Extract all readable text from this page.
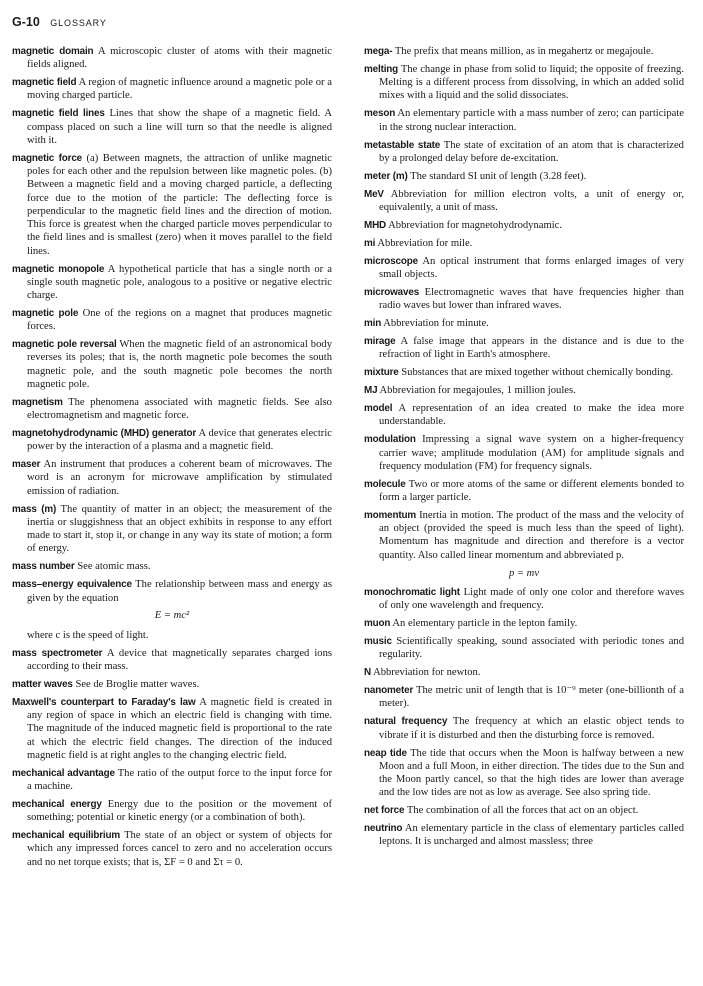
G-10 GLOSSARY

magnetic domain A microscopic cluster of atoms with their magnetic fields aligned.

magnetic field A region of magnetic influence around a magnetic pole or a moving charged particle.

magnetic field lines Lines that show the shape of a magnetic field. A compass placed on such a line will turn so that the needle is aligned with it.

magnetic force (a) Between magnets, the attraction of unlike magnetic poles for each other and the repulsion between like magnetic poles. (b) Between a magnetic field and a moving charged particle, a deflecting force due to the motion of the particle: The deflecting force is perpendicular to the magnetic field lines and the direction of motion. This force is greatest when the charged particle moves perpendicular to the field lines and is smallest (zero) when it moves parallel to the field lines.

magnetic monopole A hypothetical particle that has a single north or a single south magnetic pole, analogous to a positive or negative electric charge.

magnetic pole One of the regions on a magnet that produces magnetic forces.

magnetic pole reversal When the magnetic field of an astronomical body reverses its poles; that is, the north magnetic pole becomes the south magnetic pole, and the south magnetic pole becomes the north magnetic pole.

magnetism The phenomena associated with magnetic fields. See also electromagnetism and magnetic force.

magnetohydrodynamic (MHD) generator A device that generates electric power by the interaction of a plasma and a magnetic field.

maser An instrument that produces a coherent beam of microwaves. The word is an acronym for microwave amplification by stimulated emission of radiation.

mass (m) The quantity of matter in an object; the measurement of the inertia or sluggishness that an object exhibits in response to any effort made to start it, stop it, or change in any way its state of motion; a form of energy.

mass number See atomic mass.

mass–energy equivalence The relationship between mass and energy as given by the equation

E = mc²

where c is the speed of light.

mass spectrometer A device that magnetically separates charged ions according to their mass.

matter waves See de Broglie matter waves.

Maxwell's counterpart to Faraday's law A magnetic field is created in any region of space in which an electric field is changing with time. The magnitude of the induced magnetic field is proportional to the rate at which the electric field changes. The direction of the induced magnetic field is at right angles to the changing electric field.

mechanical advantage The ratio of the output force to the input force for a machine.

mechanical energy Energy due to the position or the movement of something; potential or kinetic energy (or a combination of both).

mechanical equilibrium The state of an object or system of objects for which any impressed forces cancel to zero and no acceleration occurs and no net torque exists; that is, ΣF = 0 and Στ = 0.

mega- The prefix that means million, as in megahertz or megajoule.

melting The change in phase from solid to liquid; the opposite of freezing. Melting is a different process from dissolving, in which an added solid mixes with a liquid and the solid dissociates.

meson An elementary particle with a mass number of zero; can participate in the strong nuclear interaction.

metastable state The state of excitation of an atom that is characterized by a prolonged delay before de-excitation.

meter (m) The standard SI unit of length (3.28 feet).

MeV Abbreviation for million electron volts, a unit of energy or, equivalently, a unit of mass.

MHD Abbreviation for magnetohydrodynamic.

mi Abbreviation for mile.

microscope An optical instrument that forms enlarged images of very small objects.

microwaves Electromagnetic waves that have frequencies higher than radio waves but lower than infrared waves.

min Abbreviation for minute.

mirage A false image that appears in the distance and is due to the refraction of light in Earth's atmosphere.

mixture Substances that are mixed together without chemically bonding.

MJ Abbreviation for megajoules, 1 million joules.

model A representation of an idea created to make the idea more understandable.

modulation Impressing a signal wave system on a higher-frequency carrier wave; amplitude modulation (AM) for amplitude signals and frequency modulation (FM) for frequency signals.

molecule Two or more atoms of the same or different elements bonded to form a larger particle.

momentum Inertia in motion. The product of the mass and the velocity of an object (provided the speed is much less than the speed of light). Momentum has magnitude and direction and therefore is a vector quantity. Also called linear momentum and abbreviated p.

p = mv

monochromatic light Light made of only one color and therefore waves of only one wavelength and frequency.

muon An elementary particle in the lepton family.

music Scientifically speaking, sound associated with periodic tones and regularity.

N Abbreviation for newton.

nanometer The metric unit of length that is 10⁻⁹ meter (one-billionth of a meter).

natural frequency The frequency at which an elastic object tends to vibrate if it is disturbed and then the disturbing force is removed.

neap tide The tide that occurs when the Moon is halfway between a new Moon and a full Moon, in either direction. The tides due to the Sun and the Moon partly cancel, so that the high tides are lower than average and the low tides are not as low as average. See also spring tide.

net force The combination of all the forces that act on an object.

neutrino An elementary particle in the class of elementary particles called leptons. It is uncharged and almost massless; three
